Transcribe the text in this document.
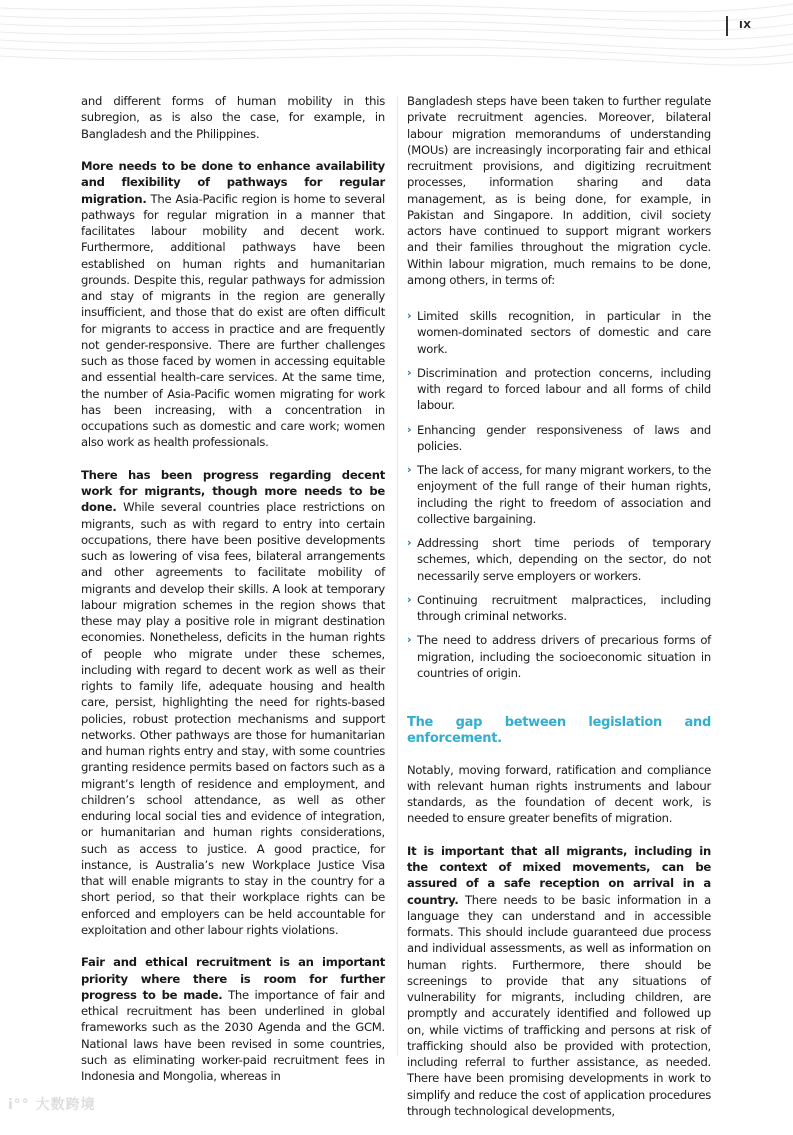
IX

and different forms of human mobility in this subregion, as is also the case, for example, in Bangladesh and the Philippines.

More needs to be done to enhance availability and flexibility of pathways for regular migration. The Asia-Pacific region is home to several pathways for regular migration in a manner that facilitates labour mobility and decent work. Furthermore, additional pathways have been established on human rights and humanitarian grounds. Despite this, regular pathways for admission and stay of migrants in the region are generally insufficient, and those that do exist are often difficult for migrants to access in practice and are frequently not gender-responsive. There are further challenges such as those faced by women in accessing equitable and essential health-care services. At the same time, the number of Asia-Pacific women migrating for work has been increasing, with a concentration in occupations such as domestic and care work; women also work as health professionals.

There has been progress regarding decent work for migrants, though more needs to be done. While several countries place restrictions on migrants, such as with regard to entry into certain occupations, there have been positive developments such as lowering of visa fees, bilateral arrangements and other agreements to facilitate mobility of migrants and develop their skills. A look at temporary labour migration schemes in the region shows that these may play a positive role in migrant destination economies. Nonetheless, deficits in the human rights of people who migrate under these schemes, including with regard to decent work as well as their rights to family life, adequate housing and health care, persist, highlighting the need for rights-based policies, robust protection mechanisms and support networks. Other pathways are those for humanitarian and human rights entry and stay, with some countries granting residence permits based on factors such as a migrant’s length of residence and employment, and children’s school attendance, as well as other enduring local social ties and evidence of integration, or humanitarian and human rights considerations, such as access to justice. A good practice, for instance, is Australia’s new Workplace Justice Visa that will enable migrants to stay in the country for a short period, so that their workplace rights can be enforced and employers can be held accountable for exploitation and other labour rights violations.

Fair and ethical recruitment is an important priority where there is room for further progress to be made. The importance of fair and ethical recruitment has been underlined in global frameworks such as the 2030 Agenda and the GCM. National laws have been revised in some countries, such as eliminating worker-paid recruitment fees in Indonesia and Mongolia, whereas in

Bangladesh steps have been taken to further regulate private recruitment agencies. Moreover, bilateral labour migration memorandums of understanding (MOUs) are increasingly incorporating fair and ethical recruitment provisions, and digitizing recruitment processes, information sharing and data management, as is being done, for example, in Pakistan and Singapore. In addition, civil society actors have continued to support migrant workers and their families throughout the migration cycle. Within labour migration, much remains to be done, among others, in terms of:

› Limited skills recognition, in particular in the women-dominated sectors of domestic and care work.
› Discrimination and protection concerns, including with regard to forced labour and all forms of child labour.
› Enhancing gender responsiveness of laws and policies.
› The lack of access, for many migrant workers, to the enjoyment of the full range of their human rights, including the right to freedom of association and collective bargaining.
› Addressing short time periods of temporary schemes, which, depending on the sector, do not necessarily serve employers or workers.
› Continuing recruitment malpractices, including through criminal networks.
› The need to address drivers of precarious forms of migration, including the socioeconomic situation in countries of origin.
The gap between legislation and enforcement.

Notably, moving forward, ratification and compliance with relevant human rights instruments and labour standards, as the foundation of decent work, is needed to ensure greater benefits of migration.

It is important that all migrants, including in the context of mixed movements, can be assured of a safe reception on arrival in a country. There needs to be basic information in a language they can understand and in accessible formats. This should include guaranteed due process and individual assessments, as well as information on human rights. Furthermore, there should be screenings to provide that any situations of vulnerability for migrants, including children, are promptly and accurately identified and followed up on, while victims of trafficking and persons at risk of trafficking should also be provided with protection, including referral to further assistance, as needed. There have been promising developments in work to simplify and reduce the cost of application procedures through technological developments,

i°° 大数跨境
